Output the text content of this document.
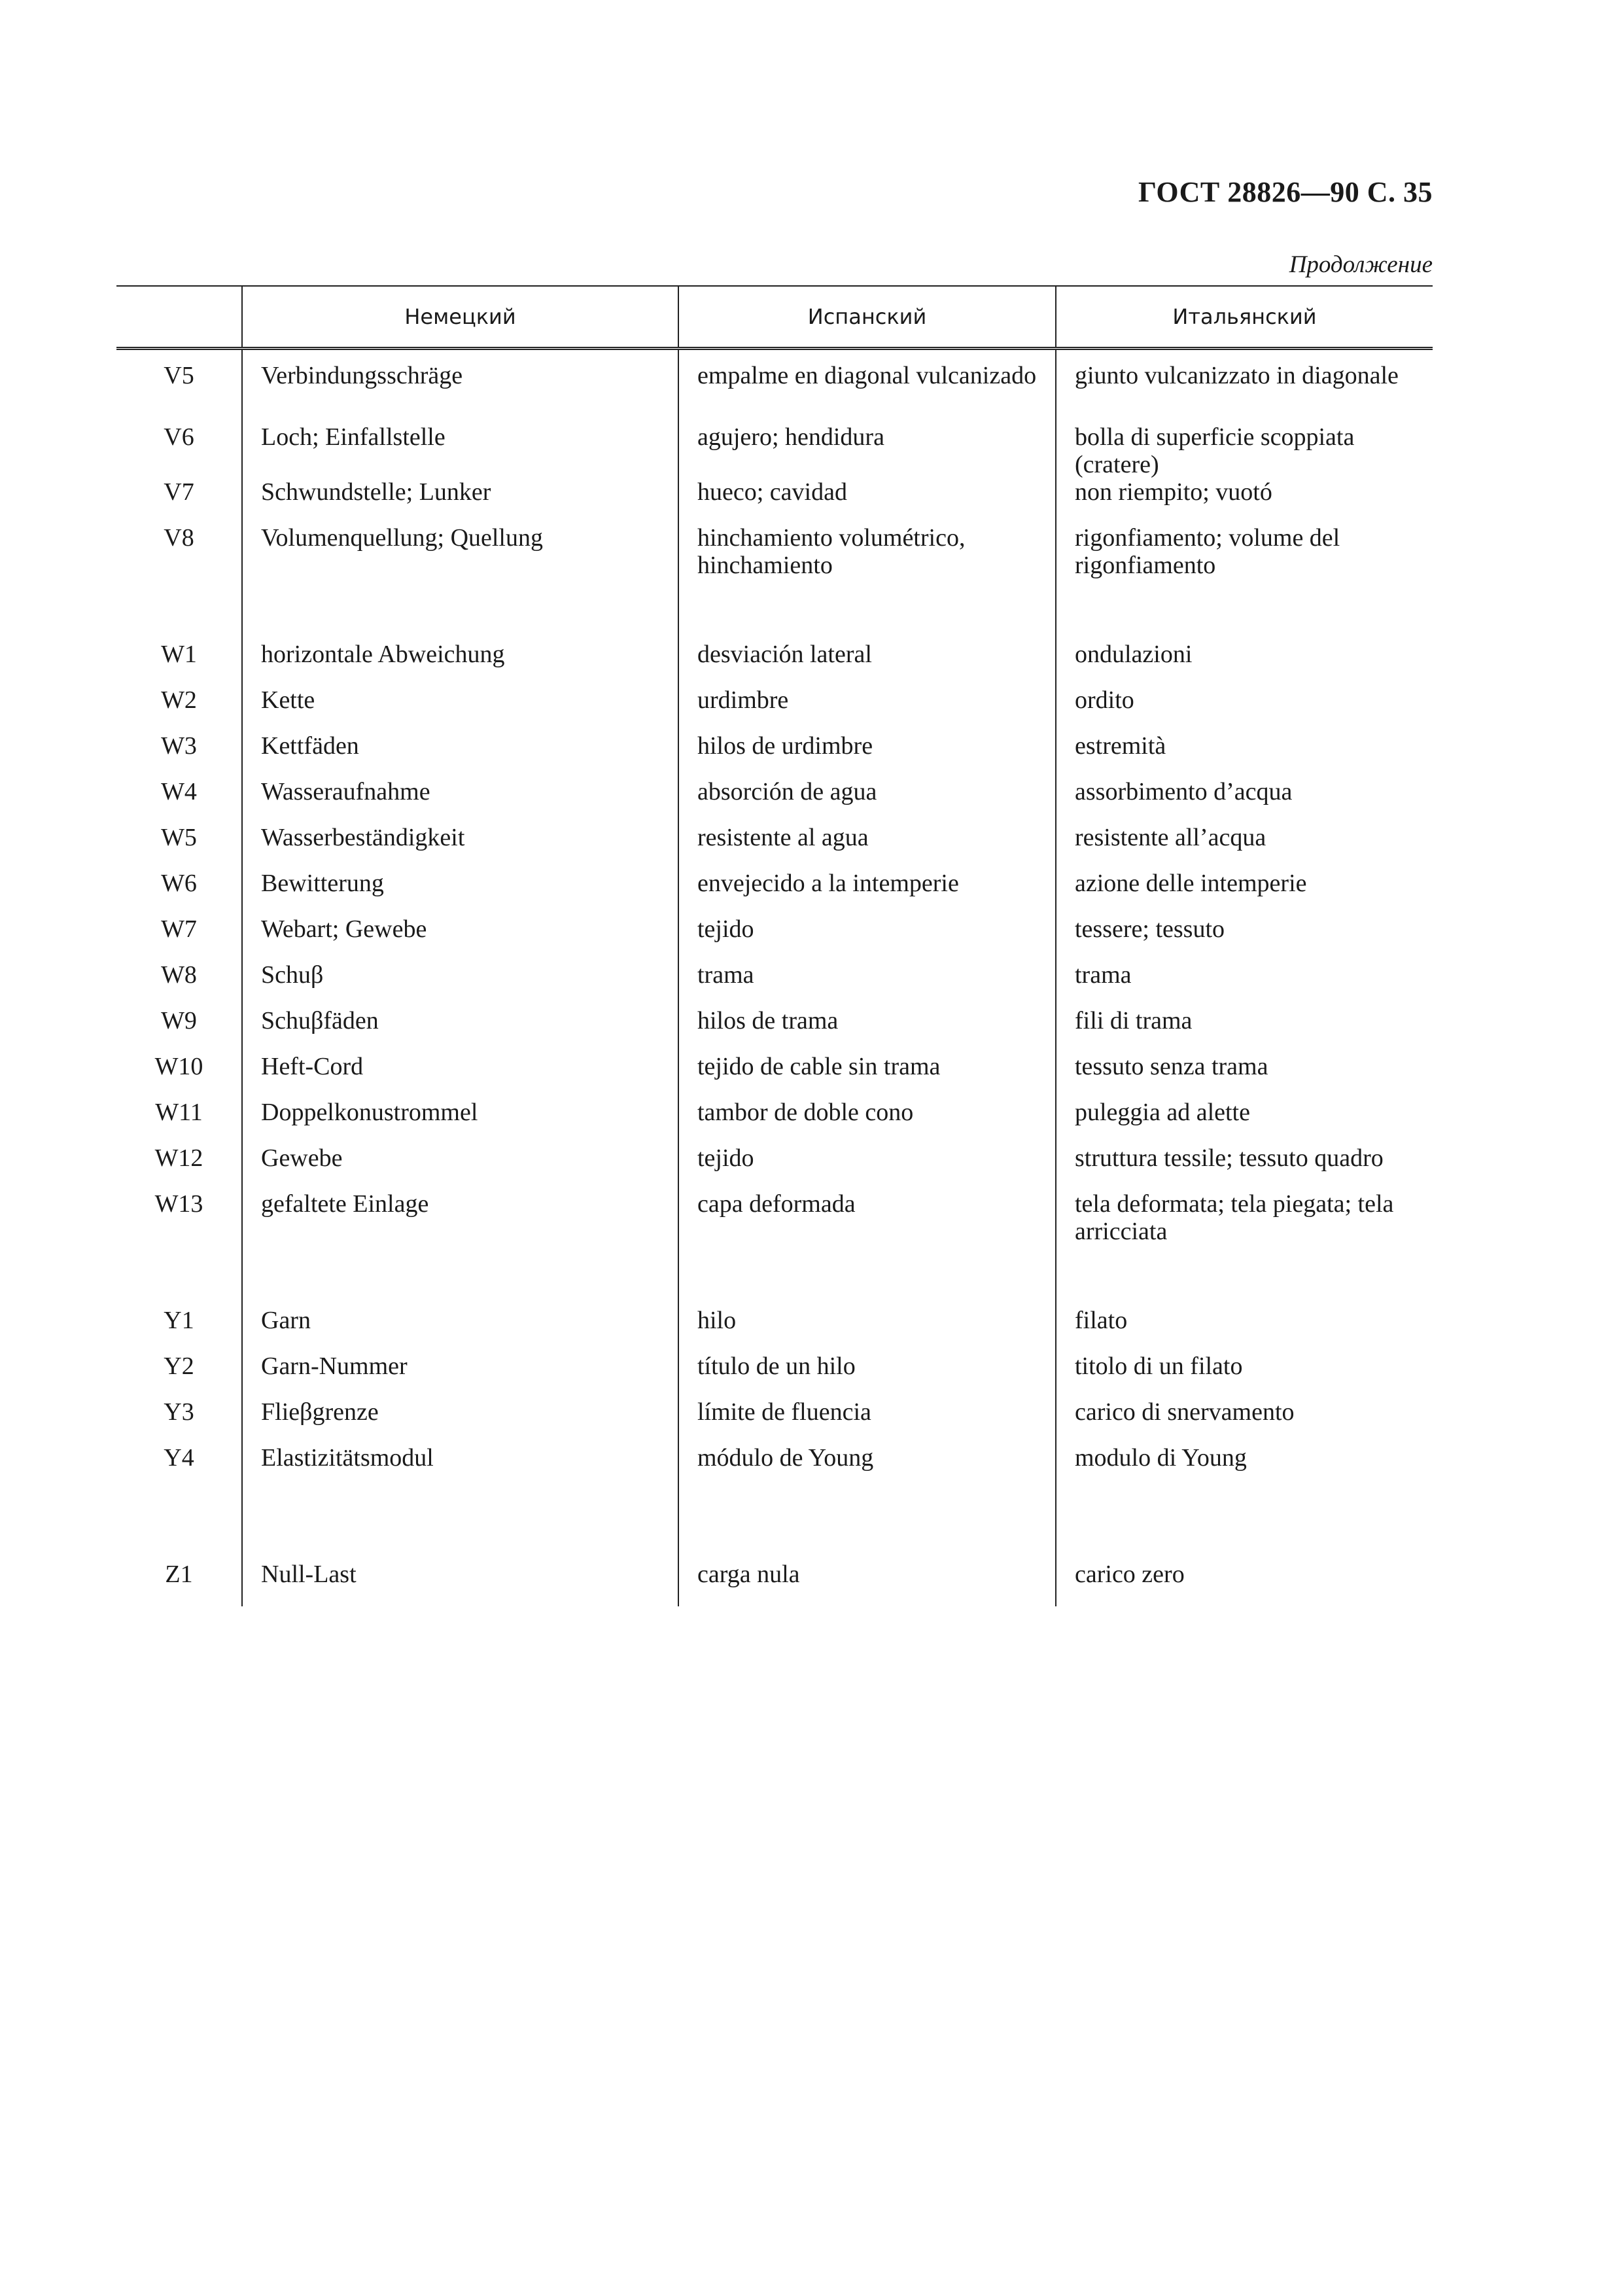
ГОСТ 28826—90 С. 35
Продолжение
	Немецкий	Испанский	Итальянский
V5	Verbindungsschräge	empalme en diagonal vulcanizado	giunto vulcanizzato in diagonale
V6	Loch; Einfallstelle	agujero; hendidura	bolla di superficie scoppiata (cratere)
V7	Schwundstelle; Lunker	hueco; cavidad	non riempito; vuotó
V8	Volumenquellung; Quellung	hinchamiento volumétrico, hinchamiento	rigonfiamento; volume del rigonfiamento
W1	horizontale Abweichung	desviación lateral	ondulazioni
W2	Kette	urdimbre	ordito
W3	Kettfäden	hilos de urdimbre	estremità
W4	Wasseraufnahme	absorción de agua	assorbimento d’acqua
W5	Wasserbeständigkeit	resistente al agua	resistente all’acqua
W6	Bewitterung	envejecido a la intemperie	azione delle intemperie
W7	Webart; Gewebe	tejido	tessere; tessuto
W8	Schuβ	trama	trama
W9	Schuβfäden	hilos de trama	fili di trama
W10	Heft-Cord	tejido de cable sin trama	tessuto senza trama
W11	Doppelkonustrommel	tambor de doble cono	puleggia ad alette
W12	Gewebe	tejido	struttura tessile; tessuto quadro
W13	gefaltete Einlage	capa deformada	tela deformata; tela piegata; tela arricciata
Y1	Garn	hilo	filato
Y2	Garn-Nummer	título de un hilo	titolo di un filato
Y3	Flieβgrenze	límite de fluencia	carico di snervamento
Y4	Elastizitätsmodul	módulo de Young	modulo di Young
Z1	Null-Last	carga nula	carico zero
